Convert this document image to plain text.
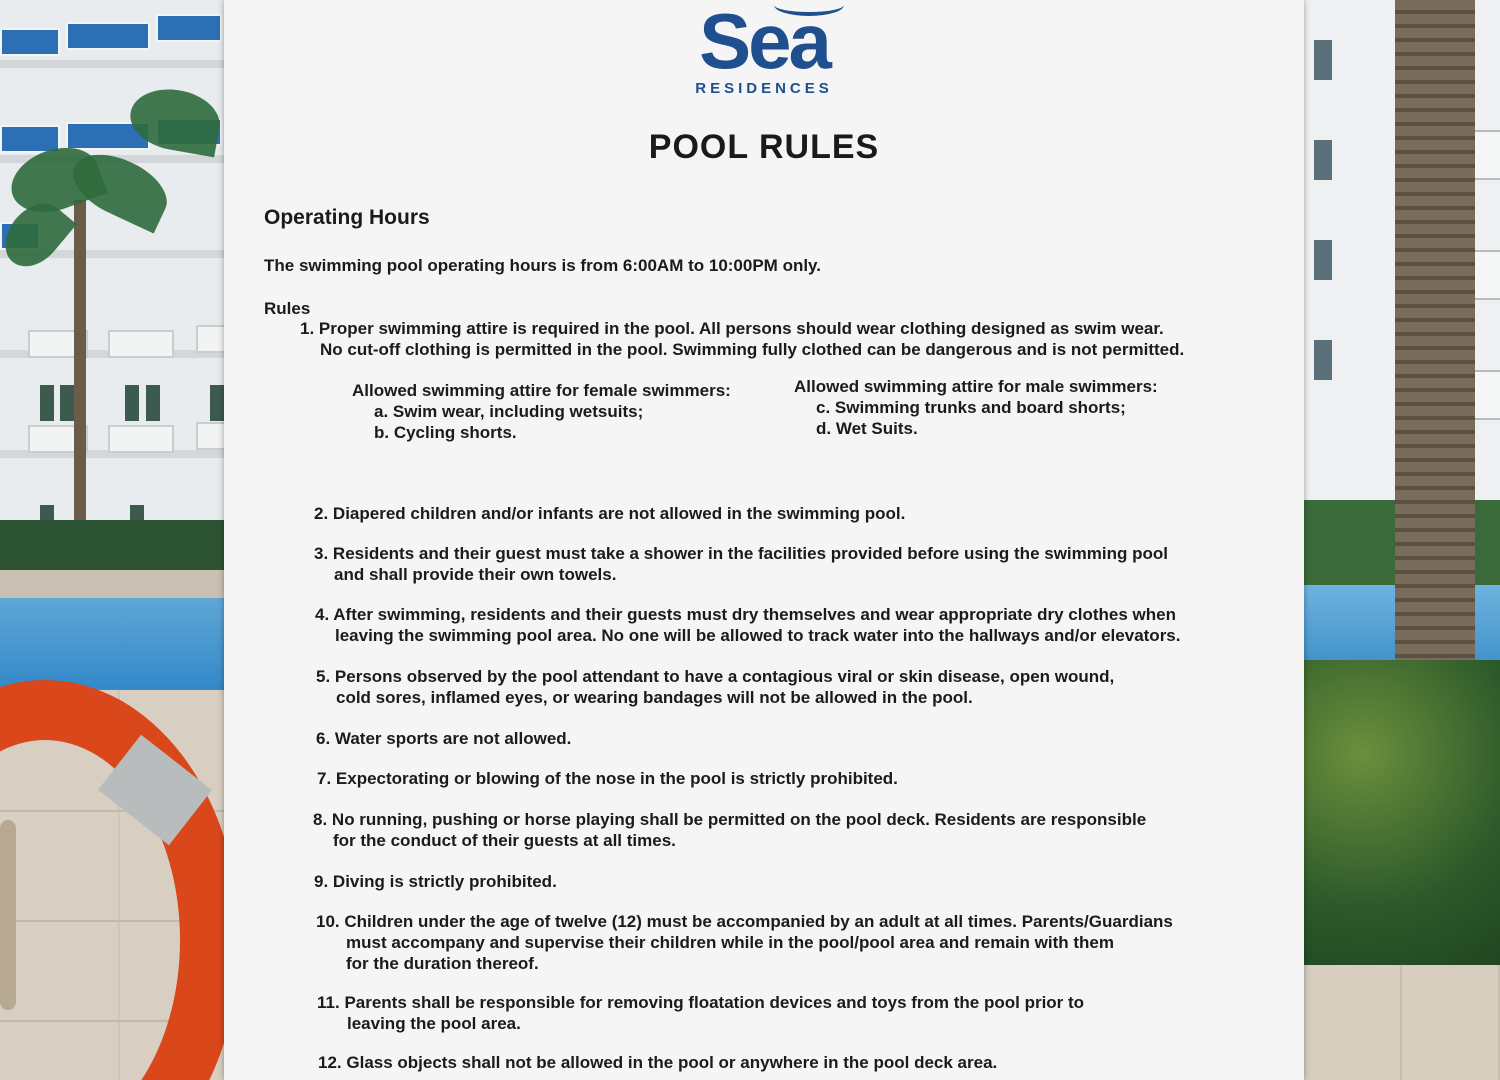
Sea
RESIDENCES
POOL RULES
Operating Hours
The swimming pool operating hours is from 6:00AM to 10:00PM only.
Rules
1. Proper swimming attire is required in the pool. All persons should wear clothing designed as swim wear.
No cut-off clothing is permitted in the pool. Swimming fully clothed can be dangerous and is not permitted.
Allowed swimming attire for female swimmers:
a. Swim wear, including wetsuits;
b. Cycling shorts.
Allowed swimming attire for male swimmers:
c. Swimming trunks and board shorts;
d. Wet Suits.
2. Diapered children and/or infants are not allowed in the swimming pool.
3. Residents and their guest must take a shower in the facilities provided before using the swimming pool
and shall provide their own towels.
4. After swimming, residents and their guests must dry themselves and wear appropriate dry clothes when
leaving the swimming pool area. No one will be allowed to track water into the hallways and/or elevators.
5. Persons observed by the pool attendant to have a contagious viral or skin disease, open wound,
cold sores, inflamed eyes, or wearing bandages will not be allowed in the pool.
6. Water sports are not allowed.
7. Expectorating or blowing of the nose in the pool is strictly prohibited.
8. No running, pushing or horse playing shall be permitted on the pool deck. Residents are responsible
for the conduct of their guests at all times.
9. Diving is strictly prohibited.
10. Children under the age of twelve (12) must be accompanied by an adult at all times. Parents/Guardians
must accompany and supervise their children while in the pool/pool area and remain with them
for the duration thereof.
11. Parents shall be responsible for removing floatation devices and toys from the pool prior to
leaving the pool area.
12. Glass objects shall not be allowed in the pool or anywhere in the pool deck area.
